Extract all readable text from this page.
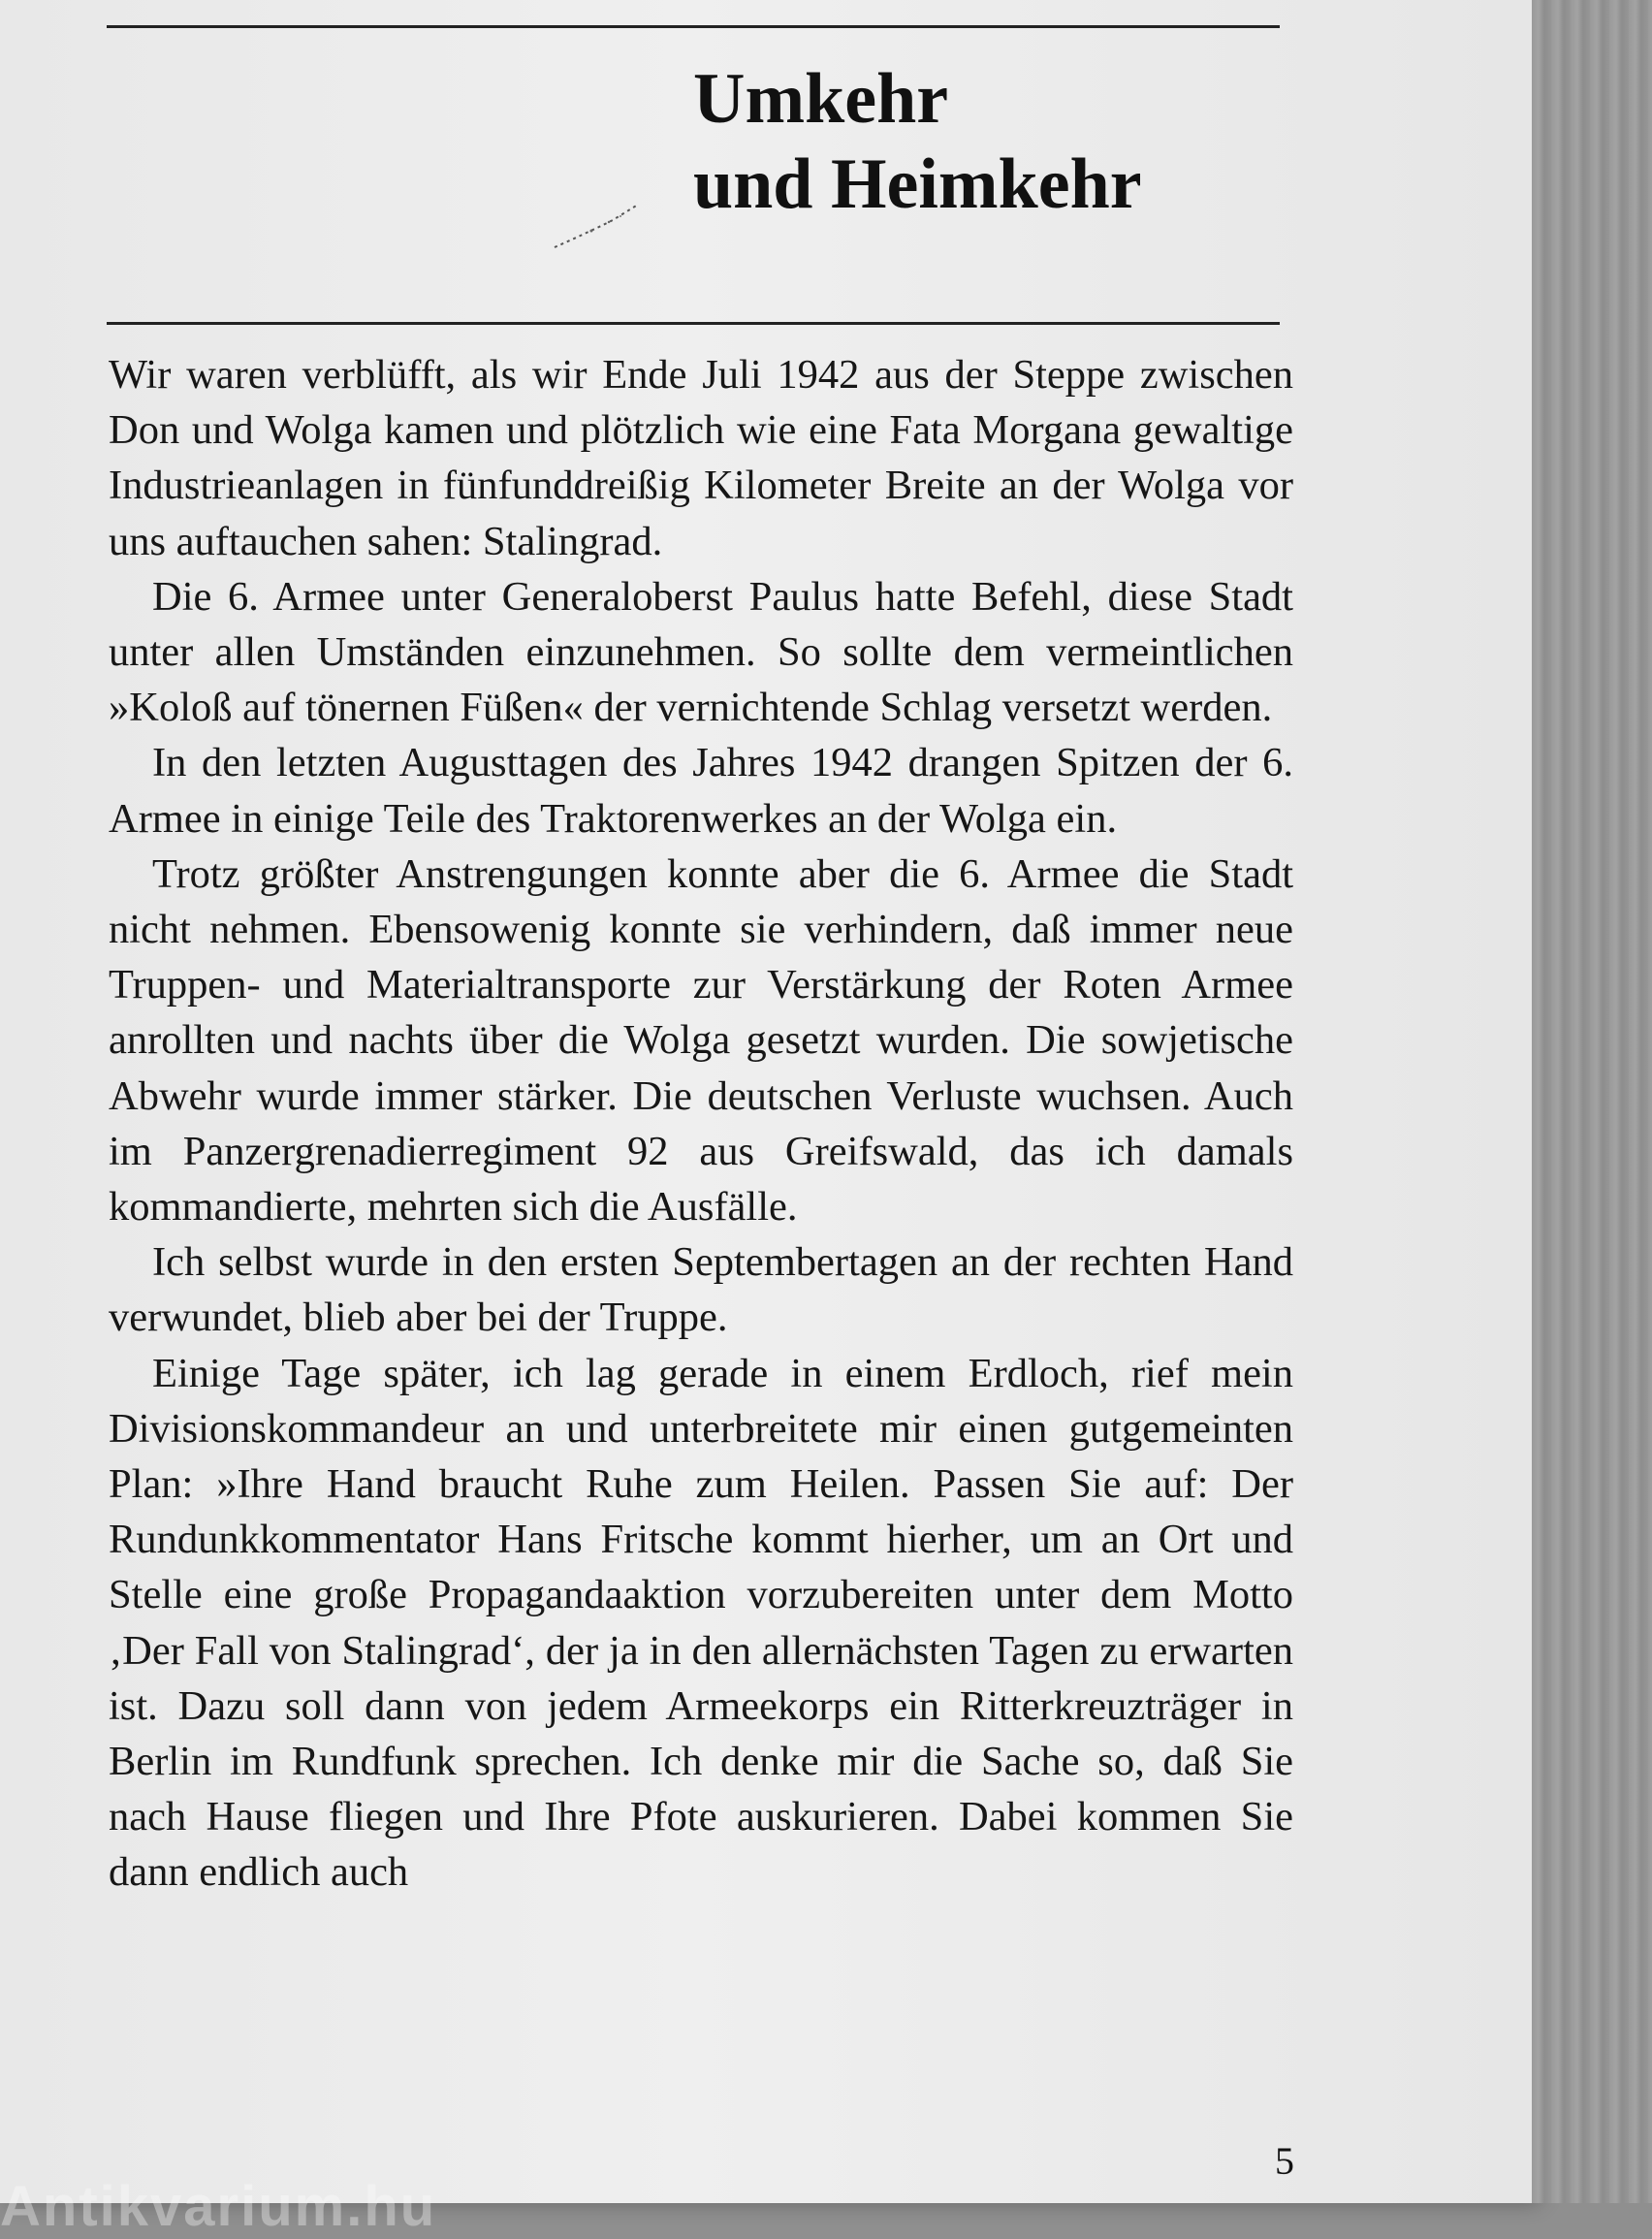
Umkehr
und Heimkehr

Wir waren verblüfft, als wir Ende Juli 1942 aus der Steppe zwischen Don und Wolga kamen und plötzlich wie eine Fata Morgana gewaltige Industrieanlagen in fünfunddreißig Kilometer Breite an der Wolga vor uns auftauchen sahen: Stalingrad.

Die 6. Armee unter Generaloberst Paulus hatte Befehl, diese Stadt unter allen Umständen einzunehmen. So sollte dem vermeintlichen »Koloß auf tönernen Füßen« der vernichtende Schlag versetzt werden.

In den letzten Augusttagen des Jahres 1942 drangen Spitzen der 6. Armee in einige Teile des Traktorenwerkes an der Wolga ein.

Trotz größter Anstrengungen konnte aber die 6. Armee die Stadt nicht nehmen. Ebensowenig konnte sie verhindern, daß immer neue Truppen- und Materialtransporte zur Verstärkung der Roten Armee anrollten und nachts über die Wolga gesetzt wurden. Die sowjetische Abwehr wurde immer stärker. Die deutschen Verluste wuchsen. Auch im Panzergrenadierregiment 92 aus Greifswald, das ich damals kommandierte, mehrten sich die Ausfälle.

Ich selbst wurde in den ersten Septembertagen an der rechten Hand verwundet, blieb aber bei der Truppe.

Einige Tage später, ich lag gerade in einem Erdloch, rief mein Divisionskommandeur an und unterbreitete mir einen gutgemeinten Plan: »Ihre Hand braucht Ruhe zum Heilen. Passen Sie auf: Der Rundunkkommentator Hans Fritsche kommt hierher, um an Ort und Stelle eine große Propagandaaktion vorzubereiten unter dem Motto ‚Der Fall von Stalingrad‘, der ja in den allernächsten Tagen zu erwarten ist. Dazu soll dann von jedem Armeekorps ein Ritterkreuzträger in Berlin im Rundfunk sprechen. Ich denke mir die Sache so, daß Sie nach Hause fliegen und Ihre Pfote auskurieren. Dabei kommen Sie dann endlich auch

5

Antikvarium.hu
